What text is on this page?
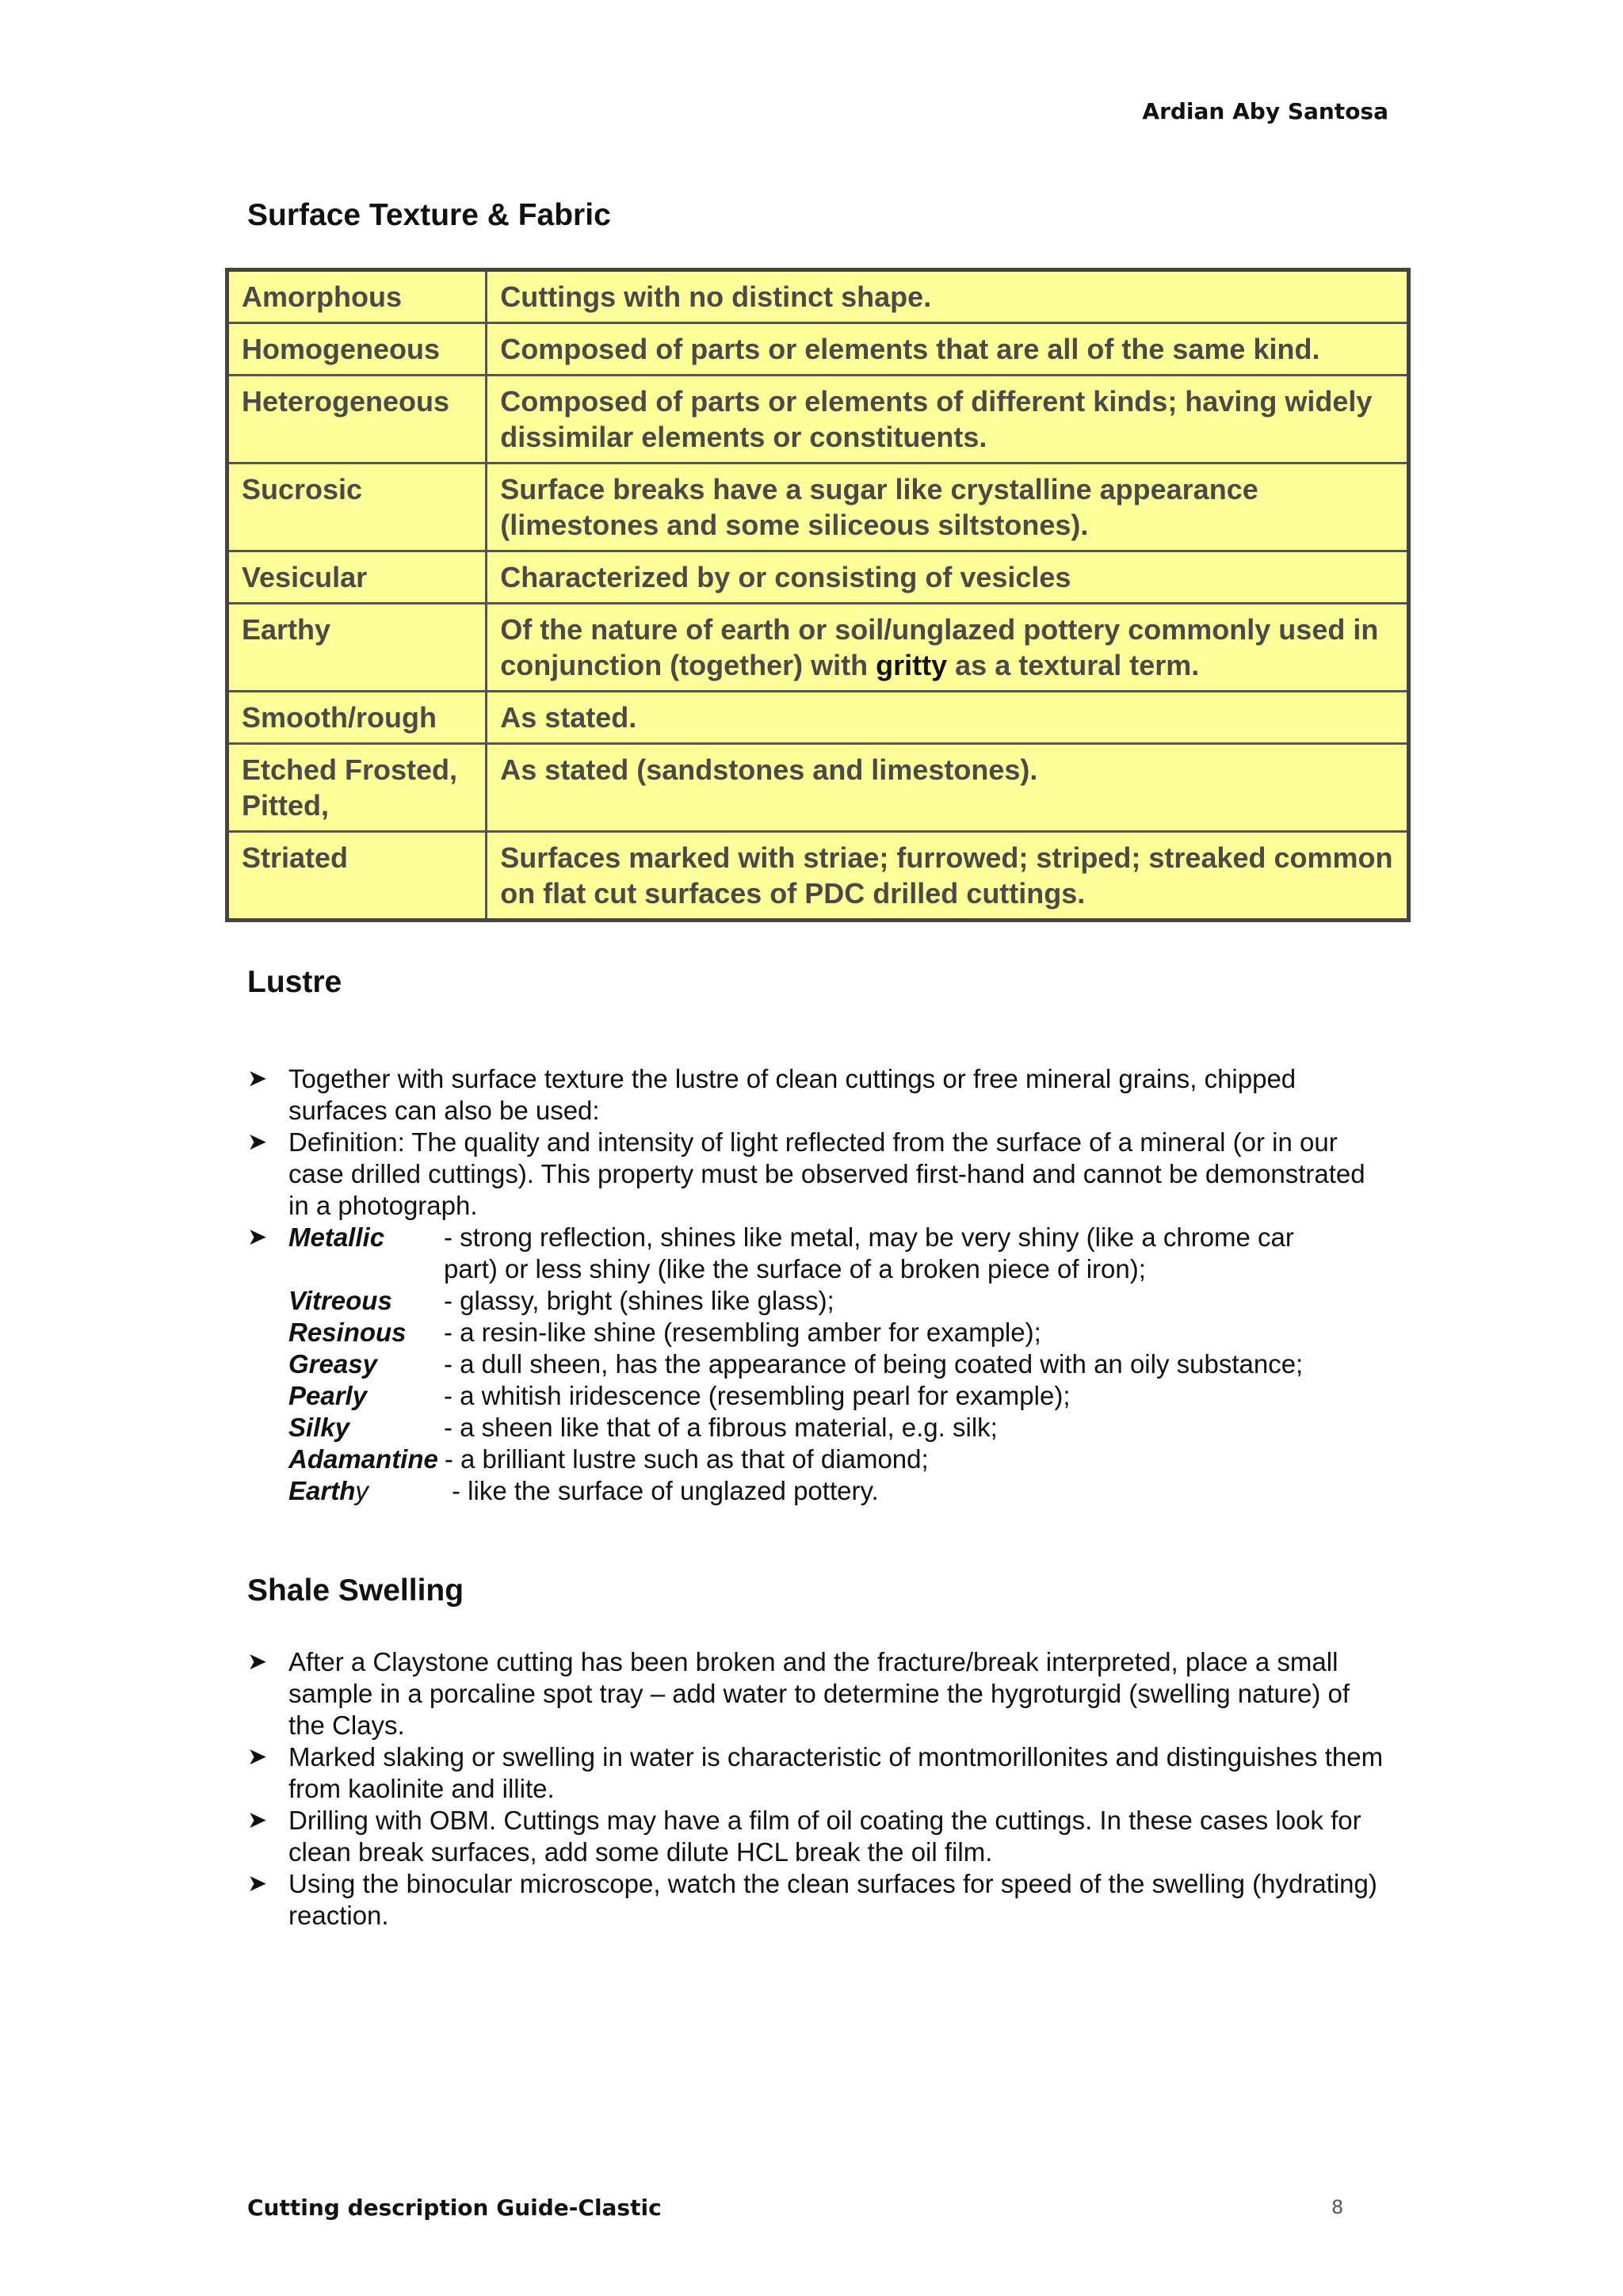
Ardian Aby Santosa
Surface Texture & Fabric
Amorphous	Cuttings with no distinct shape.
Homogeneous	Composed of parts or elements that are all of the same kind.
Heterogeneous	Composed of parts or elements of different kinds; having widely dissimilar elements or constituents.
Sucrosic	Surface breaks have a sugar like crystalline appearance (limestones and some siliceous siltstones).
Vesicular	Characterized by or consisting of vesicles
Earthy	Of the nature of earth or soil/unglazed pottery commonly used in conjunction (together) with gritty as a textural term.
Smooth/rough	As stated.
Etched Frosted, Pitted,	As stated (sandstones and limestones).
Striated	Surfaces marked with striae; furrowed; striped; streaked common on flat cut surfaces of PDC drilled cuttings.
Lustre
➤ Together with surface texture the lustre of clean cuttings or free mineral grains, chipped surfaces can also be used:
➤ Definition: The quality and intensity of light reflected from the surface of a mineral (or in our case drilled cuttings). This property must be observed first-hand and cannot be demonstrated in a photograph.
➤ Metallic	- strong reflection, shines like metal, may be very shiny (like a chrome car part) or less shiny (like the surface of a broken piece of iron);
Vitreous	- glassy, bright (shines like glass);
Resinous	- a resin-like shine (resembling amber for example);
Greasy	- a dull sheen, has the appearance of being coated with an oily substance;
Pearly	- a whitish iridescence (resembling pearl for example);
Silky	- a sheen like that of a fibrous material, e.g. silk;
Adamantine - a brilliant lustre such as that of diamond;
Earthy	- like the surface of unglazed pottery.
Shale Swelling
➤ After a Claystone cutting has been broken and the fracture/break interpreted, place a small sample in a porcaline spot tray – add water to determine the hygroturgid (swelling nature) of the Clays.
➤ Marked slaking or swelling in water is characteristic of montmorillonites and distinguishes them from kaolinite and illite.
➤ Drilling with OBM. Cuttings may have a film of oil coating the cuttings. In these cases look for clean break surfaces, add some dilute HCL break the oil film.
➤ Using the binocular microscope, watch the clean surfaces for speed of the swelling (hydrating) reaction.
Cutting description Guide-Clastic	8
